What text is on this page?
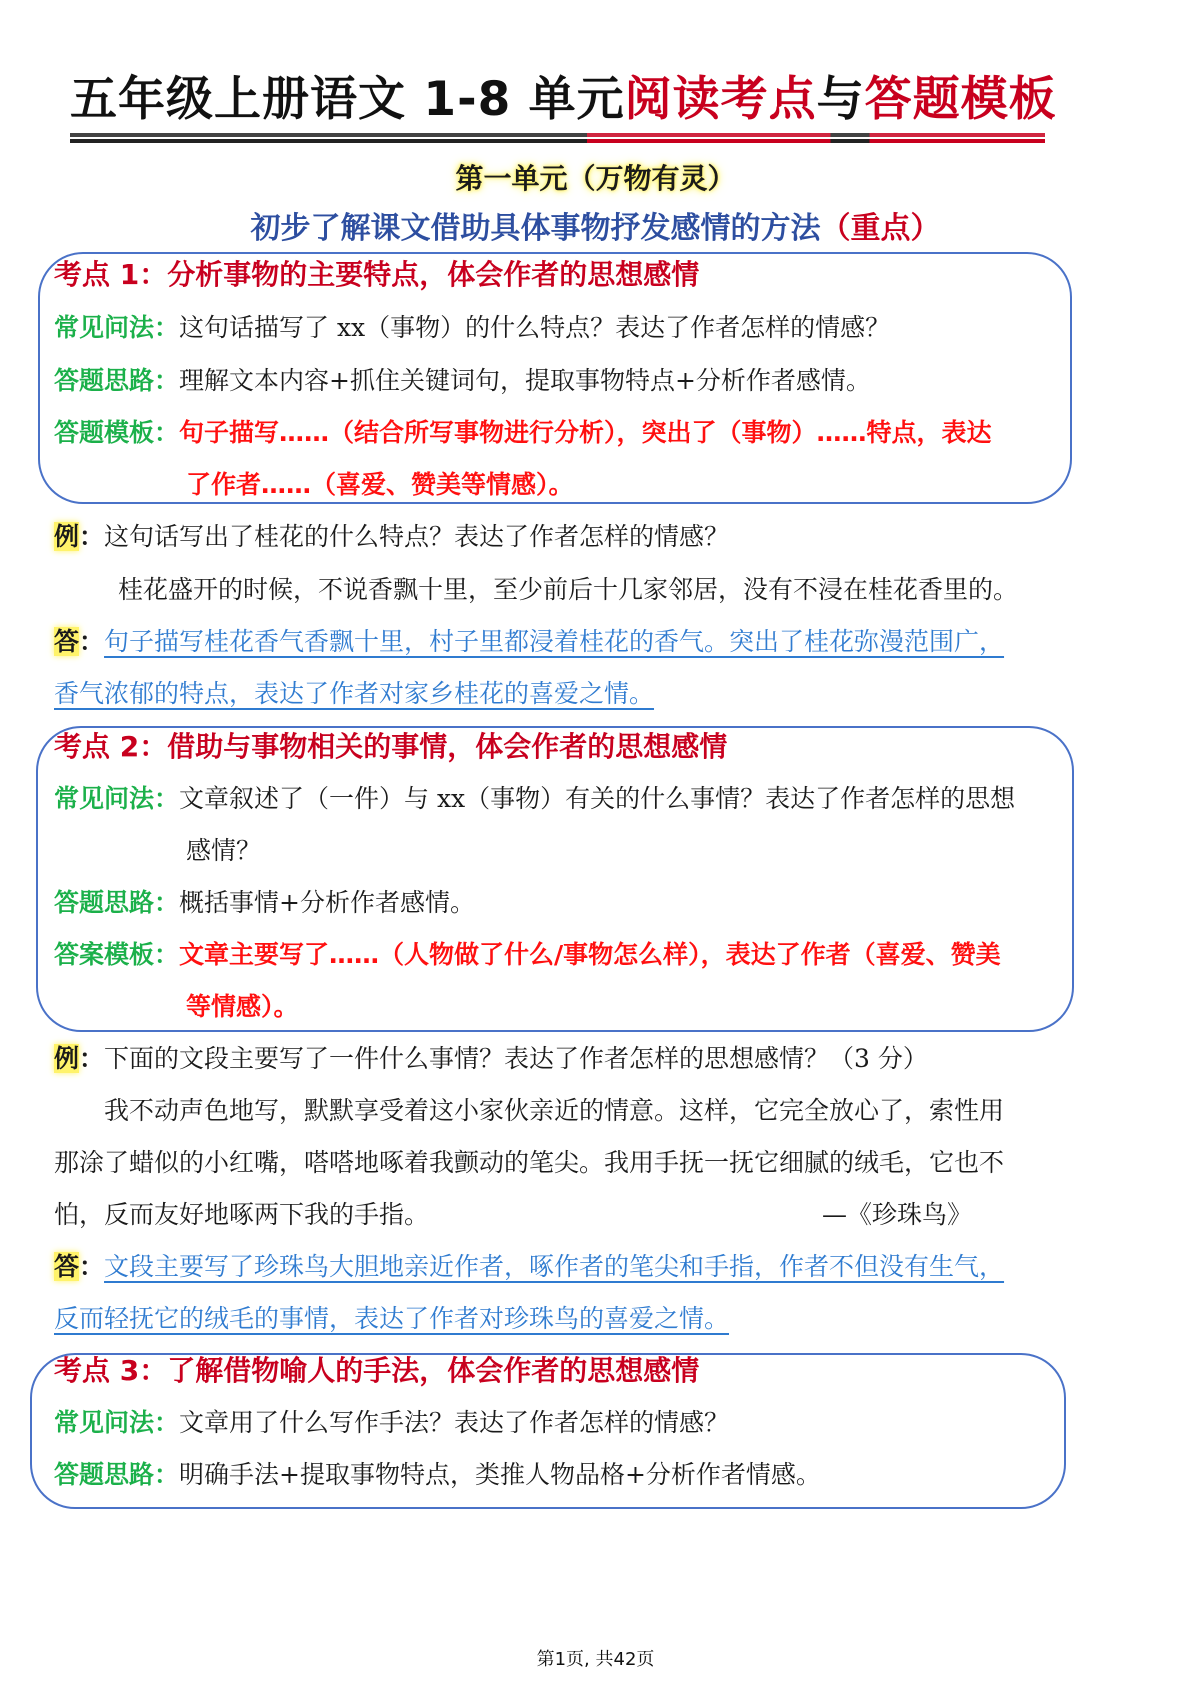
五年级上册语文 1-8 单元阅读考点与答题模板
第一单元（万物有灵）
初步了解课文借助具体事物抒发感情的方法（重点）
考点 1：分析事物的主要特点，体会作者的思想感情
常见问法：这句话描写了 xx（事物）的什么特点？表达了作者怎样的情感？
答题思路：理解文本内容+抓住关键词句，提取事物特点+分析作者感情。
答题模板：句子描写……（结合所写事物进行分析），突出了（事物）……特点，表达
了作者……（喜爱、赞美等情感）。
例：这句话写出了桂花的什么特点？表达了作者怎样的情感？
桂花盛开的时候，不说香飘十里，至少前后十几家邻居，没有不浸在桂花香里的。
答：句子描写桂花香气香飘十里，村子里都浸着桂花的香气。突出了桂花弥漫范围广，
香气浓郁的特点，表达了作者对家乡桂花的喜爱之情。
考点 2：借助与事物相关的事情，体会作者的思想感情
常见问法：文章叙述了（一件）与 xx（事物）有关的什么事情？表达了作者怎样的思想
感情？
答题思路：概括事情+分析作者感情。
答案模板：文章主要写了……（人物做了什么/事物怎么样），表达了作者（喜爱、赞美
等情感）。
例：下面的文段主要写了一件什么事情？表达了作者怎样的思想感情？（3 分）
我不动声色地写，默默享受着这小家伙亲近的情意。这样，它完全放心了，索性用
那涂了蜡似的小红嘴，嗒嗒地啄着我颤动的笔尖。我用手抚一抚它细腻的绒毛，它也不
怕，反而友好地啄两下我的手指。	—《珍珠鸟》
答：文段主要写了珍珠鸟大胆地亲近作者，啄作者的笔尖和手指，作者不但没有生气，
反而轻抚它的绒毛的事情，表达了作者对珍珠鸟的喜爱之情。
考点 3：了解借物喻人的手法，体会作者的思想感情
常见问法：文章用了什么写作手法？表达了作者怎样的情感？
答题思路：明确手法+提取事物特点，类推人物品格+分析作者情感。
第1页, 共42页
